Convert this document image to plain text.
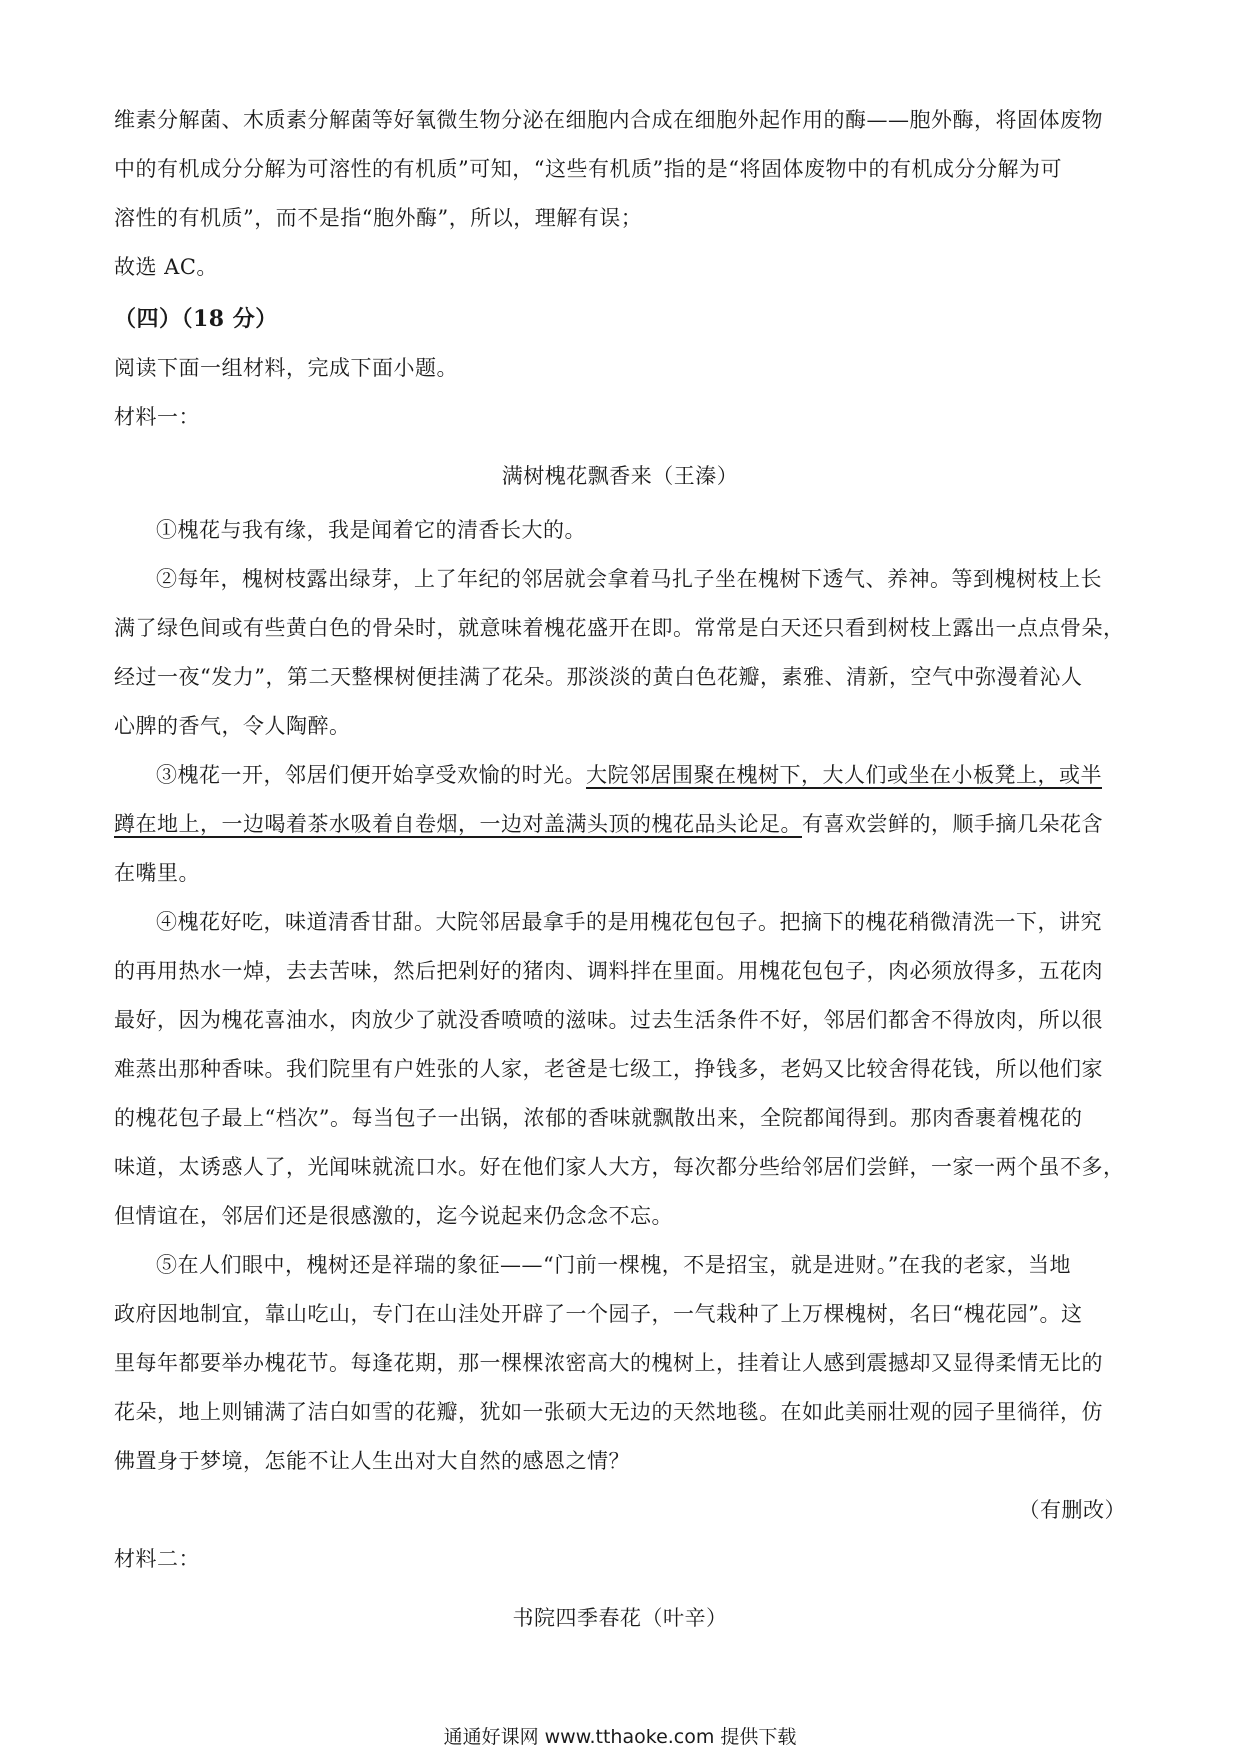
维素分解菌、木质素分解菌等好氧微生物分泌在细胞内合成在细胞外起作用的酶——胞外酶，将固体废物
中的有机成分分解为可溶性的有机质”可知，“这些有机质”指的是“将固体废物中的有机成分分解为可
溶性的有机质”，而不是指“胞外酶”，所以，理解有误；
故选 AC。
（四）（18 分）
阅读下面一组材料，完成下面小题。
材料一：
满树槐花飘香来（王溱）
①槐花与我有缘，我是闻着它的清香长大的。
②每年，槐树枝露出绿芽，上了年纪的邻居就会拿着马扎子坐在槐树下透气、养神。等到槐树枝上长
满了绿色间或有些黄白色的骨朵时，就意味着槐花盛开在即。常常是白天还只看到树枝上露出一点点骨朵，
经过一夜“发力”，第二天整棵树便挂满了花朵。那淡淡的黄白色花瓣，素雅、清新，空气中弥漫着沁人
心脾的香气，令人陶醉。
③槐花一开，邻居们便开始享受欢愉的时光。大院邻居围聚在槐树下，大人们或坐在小板凳上，或半
蹲在地上，一边喝着茶水吸着自卷烟，一边对盖满头顶的槐花品头论足。有喜欢尝鲜的，顺手摘几朵花含
在嘴里。
④槐花好吃，味道清香甘甜。大院邻居最拿手的是用槐花包包子。把摘下的槐花稍微清洗一下，讲究
的再用热水一焯，去去苦味，然后把剁好的猪肉、调料拌在里面。用槐花包包子，肉必须放得多，五花肉
最好，因为槐花喜油水，肉放少了就没香喷喷的滋味。过去生活条件不好，邻居们都舍不得放肉，所以很
难蒸出那种香味。我们院里有户姓张的人家，老爸是七级工，挣钱多，老妈又比较舍得花钱，所以他们家
的槐花包子最上“档次”。每当包子一出锅，浓郁的香味就飘散出来，全院都闻得到。那肉香裹着槐花的
味道，太诱惑人了，光闻味就流口水。好在他们家人大方，每次都分些给邻居们尝鲜，一家一两个虽不多，
但情谊在，邻居们还是很感激的，迄今说起来仍念念不忘。
⑤在人们眼中，槐树还是祥瑞的象征——“门前一棵槐，不是招宝，就是进财。”在我的老家，当地
政府因地制宜，靠山吃山，专门在山洼处开辟了一个园子，一气栽种了上万棵槐树，名曰“槐花园”。这
里每年都要举办槐花节。每逢花期，那一棵棵浓密高大的槐树上，挂着让人感到震撼却又显得柔情无比的
花朵，地上则铺满了洁白如雪的花瓣，犹如一张硕大无边的天然地毯。在如此美丽壮观的园子里徜徉，仿
佛置身于梦境，怎能不让人生出对大自然的感恩之情？
（有删改）
材料二：
书院四季春花（叶辛）
通通好课网 www.tthaoke.com 提供下载
